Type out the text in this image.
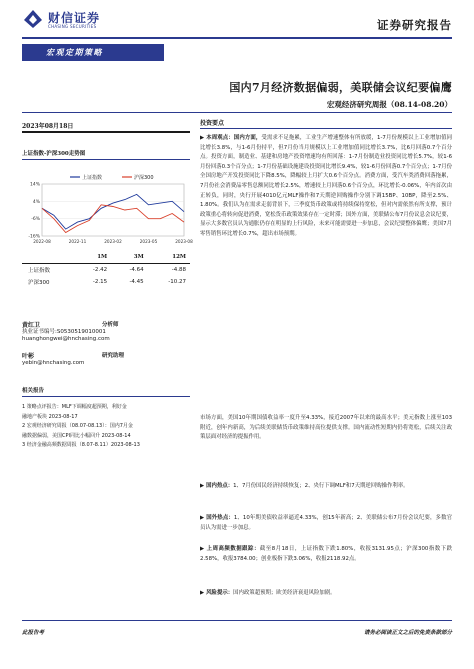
财信证券
CHASING SECURITIES	证券研究报告
宏观定期策略
国内7月经济数据偏弱，美联储会议纪要偏鹰
宏观经济研究周报（08.14-08.20）
2023年08月18日
上证指数-沪深300走势图
14%
4%
-6%
-16%
2022-08	2022-11	2023-02	2023-05	2023-08
上证指数	沪深300
	1M	3M	12M
上证指数	-2.42	-4.64	-4.88
沪深300	-2.15	-4.45	-10.27
黄红卫	分析师
执业证书编号:S0530519010001
huanghongwei@hnchasing.com
叶彬	研究助理
yebin@hnchasing.com
相关报告
1 策略点评报告：MLF下调幅度超预期，利好金
融地产板块 2023-08-17
2 宏观经济研究周报（08.07-08.13）：国内7月金
融数据偏弱，美国CPI同比小幅回升 2023-08-14
3 经济金融高频数据周报（8.07-8.11）2023-08-13
投资要点
▶ 本周观点：国内方面，受需求不足拖累，工业生产增速整体有所放缓，1-7月份规模以上工业增加值同比增长3.8%，与1-6月份持平，但7月份当月规模以上工业增加值同比增长3.7%，比6月回落0.7个百分点。投资方面，制造业、基建和房地产投资增速均有所回落：1-7月份制造业投资同比增长5.7%，较1-6月份回落0.3个百分点；1-7月份基础设施建设投资同比增长9.4%，较1-6月份回落0.7个百分点；1-7月份全国房地产开发投资同比下降8.5%，降幅较上月扩大0.6个百分点。消费方面，受汽车类消费回落拖累，7月份社会消费品零售总额同比增长2.5%，增速较上月回落0.6个百分点，环比增长-0.06%，年内首次由正转负，同时，央行开展4010亿元MLF操作和7天期逆回购操作分别下调15BP、10BP，降至2.5%、1.80%。我们认为在需求走弱背景下，三季度货币政策或将持续保持宽松，但对内需依然有所支撑，预计政策重心将转向促进消费，宽松货币政策效果存在一定时滞；国外方面，美联储公布7月份议息会议纪要，显示大多数官员认为通胀仍存在明显的上行风险，未来可能需要进一步加息，会议纪要整体偏鹰；美国7月零售销售环比增长0.7%，超出市场预期。
市场方面，美国10年期国债收益率一度升至4.33%，接近2007年以来的最高水平；美元指数上涨至103附近，创年内新高，为后续美联储货币政策维持高位提供支撑。国内流动性短期内仍将宽松，后续关注政策层面对经济的提振作用。
▶ 国内热点：1、7月份国民经济持续恢复；2、央行下调MLF和7天期逆回购操作利率。
▶ 国外热点：1、10年期美债收益率逼近4.33%，创15年新高；2、美联储公布7月份会议纪要，多数官员认为需进一步加息。
▶ 上周高频数据跟踪：截至8月18日，上证指数下跌1.80%，收报3131.95点；沪深300指数下跌2.58%，收报3784.00；创业板指下跌3.06%，收报2118.92点。
▶ 风险提示：国内政策超预期；欧美经济衰退风险加剧。
此报告考	请务必阅读正文之后的免责条款部分
